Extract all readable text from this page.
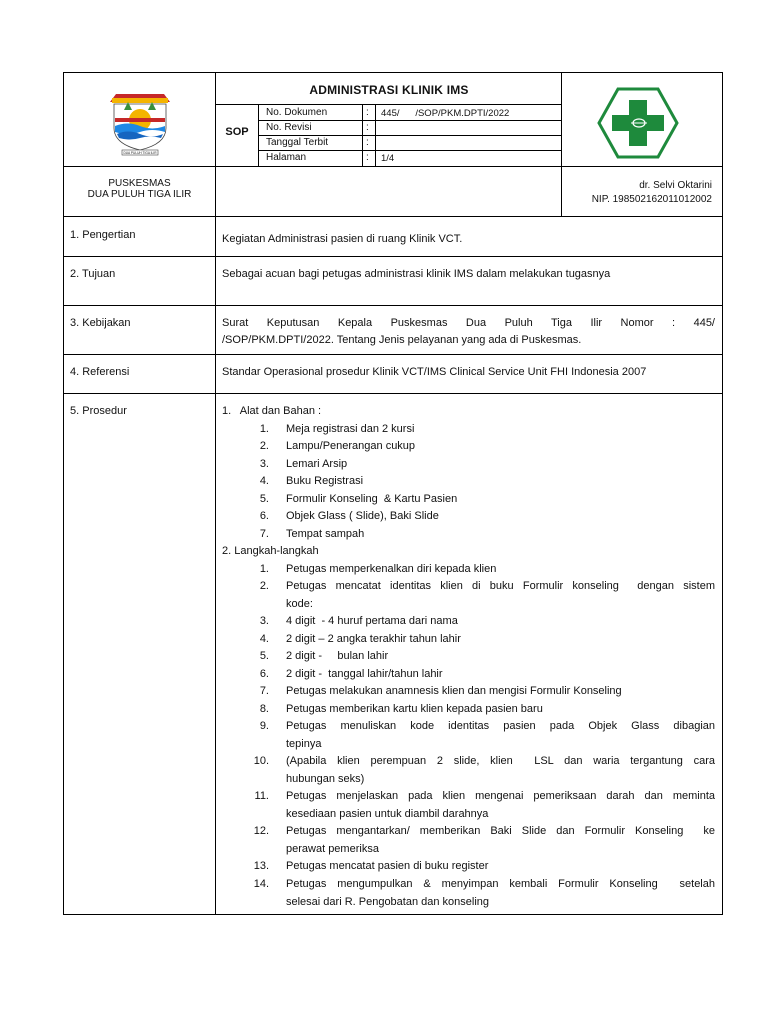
DUA PULUH TIGA ILIR
ADMINISTRASI KLINIK IMS
SOP
No. Dokumen	: 445/      /SOP/PKM.DPTI/2022
No. Revisi	:
Tanggal Terbit	:
Halaman	: 1/4
PUSKESMAS
DUA PULUH TIGA ILIR
dr. Selvi Oktarini
NIP. 198502162011012002
1. Pengertian	Kegiatan Administrasi pasien di ruang Klinik VCT.
2. Tujuan	Sebagai acuan bagi petugas administrasi klinik IMS dalam melakukan tugasnya
3. Kebijakan	Surat Keputusan Kepala Puskesmas Dua Puluh Tiga Ilir Nomor : 445/
/SOP/PKM.DPTI/2022. Tentang Jenis pelayanan yang ada di Puskesmas.
4. Referensi	Standar Operasional prosedur Klinik VCT/IMS Clinical Service Unit FHI Indonesia 2007
5. Prosedur	1.   Alat dan Bahan :
1. Meja registrasi dan 2 kursi
2. Lampu/Penerangan cukup
3. Lemari Arsip
4. Buku Registrasi
5. Formulir Konseling  & Kartu Pasien
6. Objek Glass ( Slide), Baki Slide
7. Tempat sampah
2. Langkah-langkah
1. Petugas memperkenalkan diri kepada klien
2. Petugas mencatat identitas klien di buku Formulir konseling  dengan sistem
kode:
3. 4 digit  - 4 huruf pertama dari nama
4. 2 digit – 2 angka terakhir tahun lahir
5. 2 digit -     bulan lahir
6. 2 digit -  tanggal lahir/tahun lahir
7. Petugas melakukan anamnesis klien dan mengisi Formulir Konseling
8. Petugas memberikan kartu klien kepada pasien baru
9. Petugas menuliskan kode identitas pasien pada Objek Glass dibagian
tepinya
10. (Apabila klien perempuan 2 slide, klien  LSL dan waria tergantung cara
hubungan seks)
11. Petugas menjelaskan pada klien mengenai pemeriksaan darah dan meminta
kesediaan pasien untuk diambil darahnya
12. Petugas mengantarkan/ memberikan Baki Slide dan Formulir Konseling  ke
perawat pemeriksa
13. Petugas mencatat pasien di buku register
14. Petugas mengumpulkan & menyimpan kembali Formulir Konseling  setelah
selesai dari R. Pengobatan dan konseling
